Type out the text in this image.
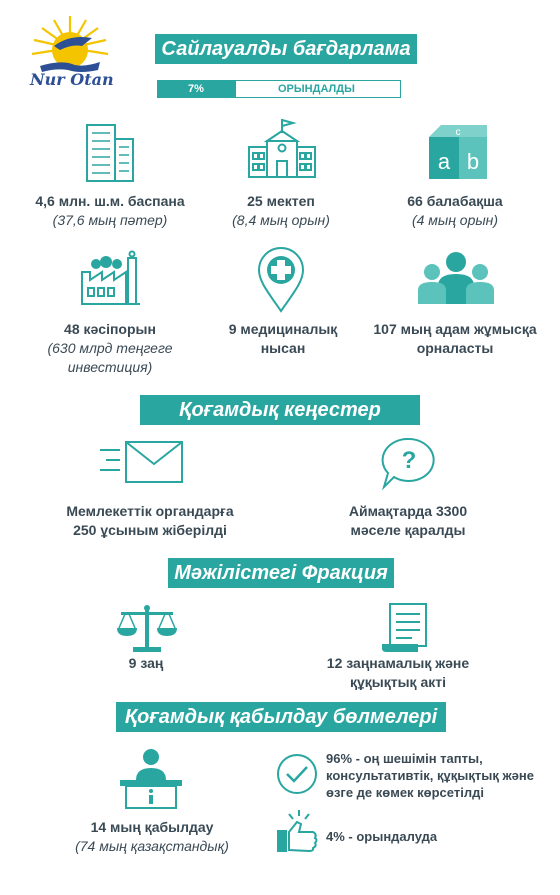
Nur Otan
Сайлауалды бағдарлама
7%	ОРЫНДАЛДЫ
c
a b
4,6 млн. ш.м. баспана
(37,6 мың пәтер)
25 мектеп
(8,4 мың орын)
66 балабақша
(4 мың орын)
48 кәсіпорын
(630 млрд теңгеге инвестиция)
9 медициналық нысан
107 мың адам жұмысқа орналасты
Қоғамдық кеңестер
?
Мемлекеттік органдарға 250 ұсыным жіберілді
Аймақтарда 3300 мәселе қаралды
Мәжілістегі Фракция
9 заң	12 заңнамалық және құқықтық акті
Қоғамдық қабылдау бөлмелері
14 мың қабылдау
(74 мың қазақстандық)
96% - оң шешімін тапты, консультативтік, құқықтық және өзге де көмек көрсетілді
4% - орындалуда
